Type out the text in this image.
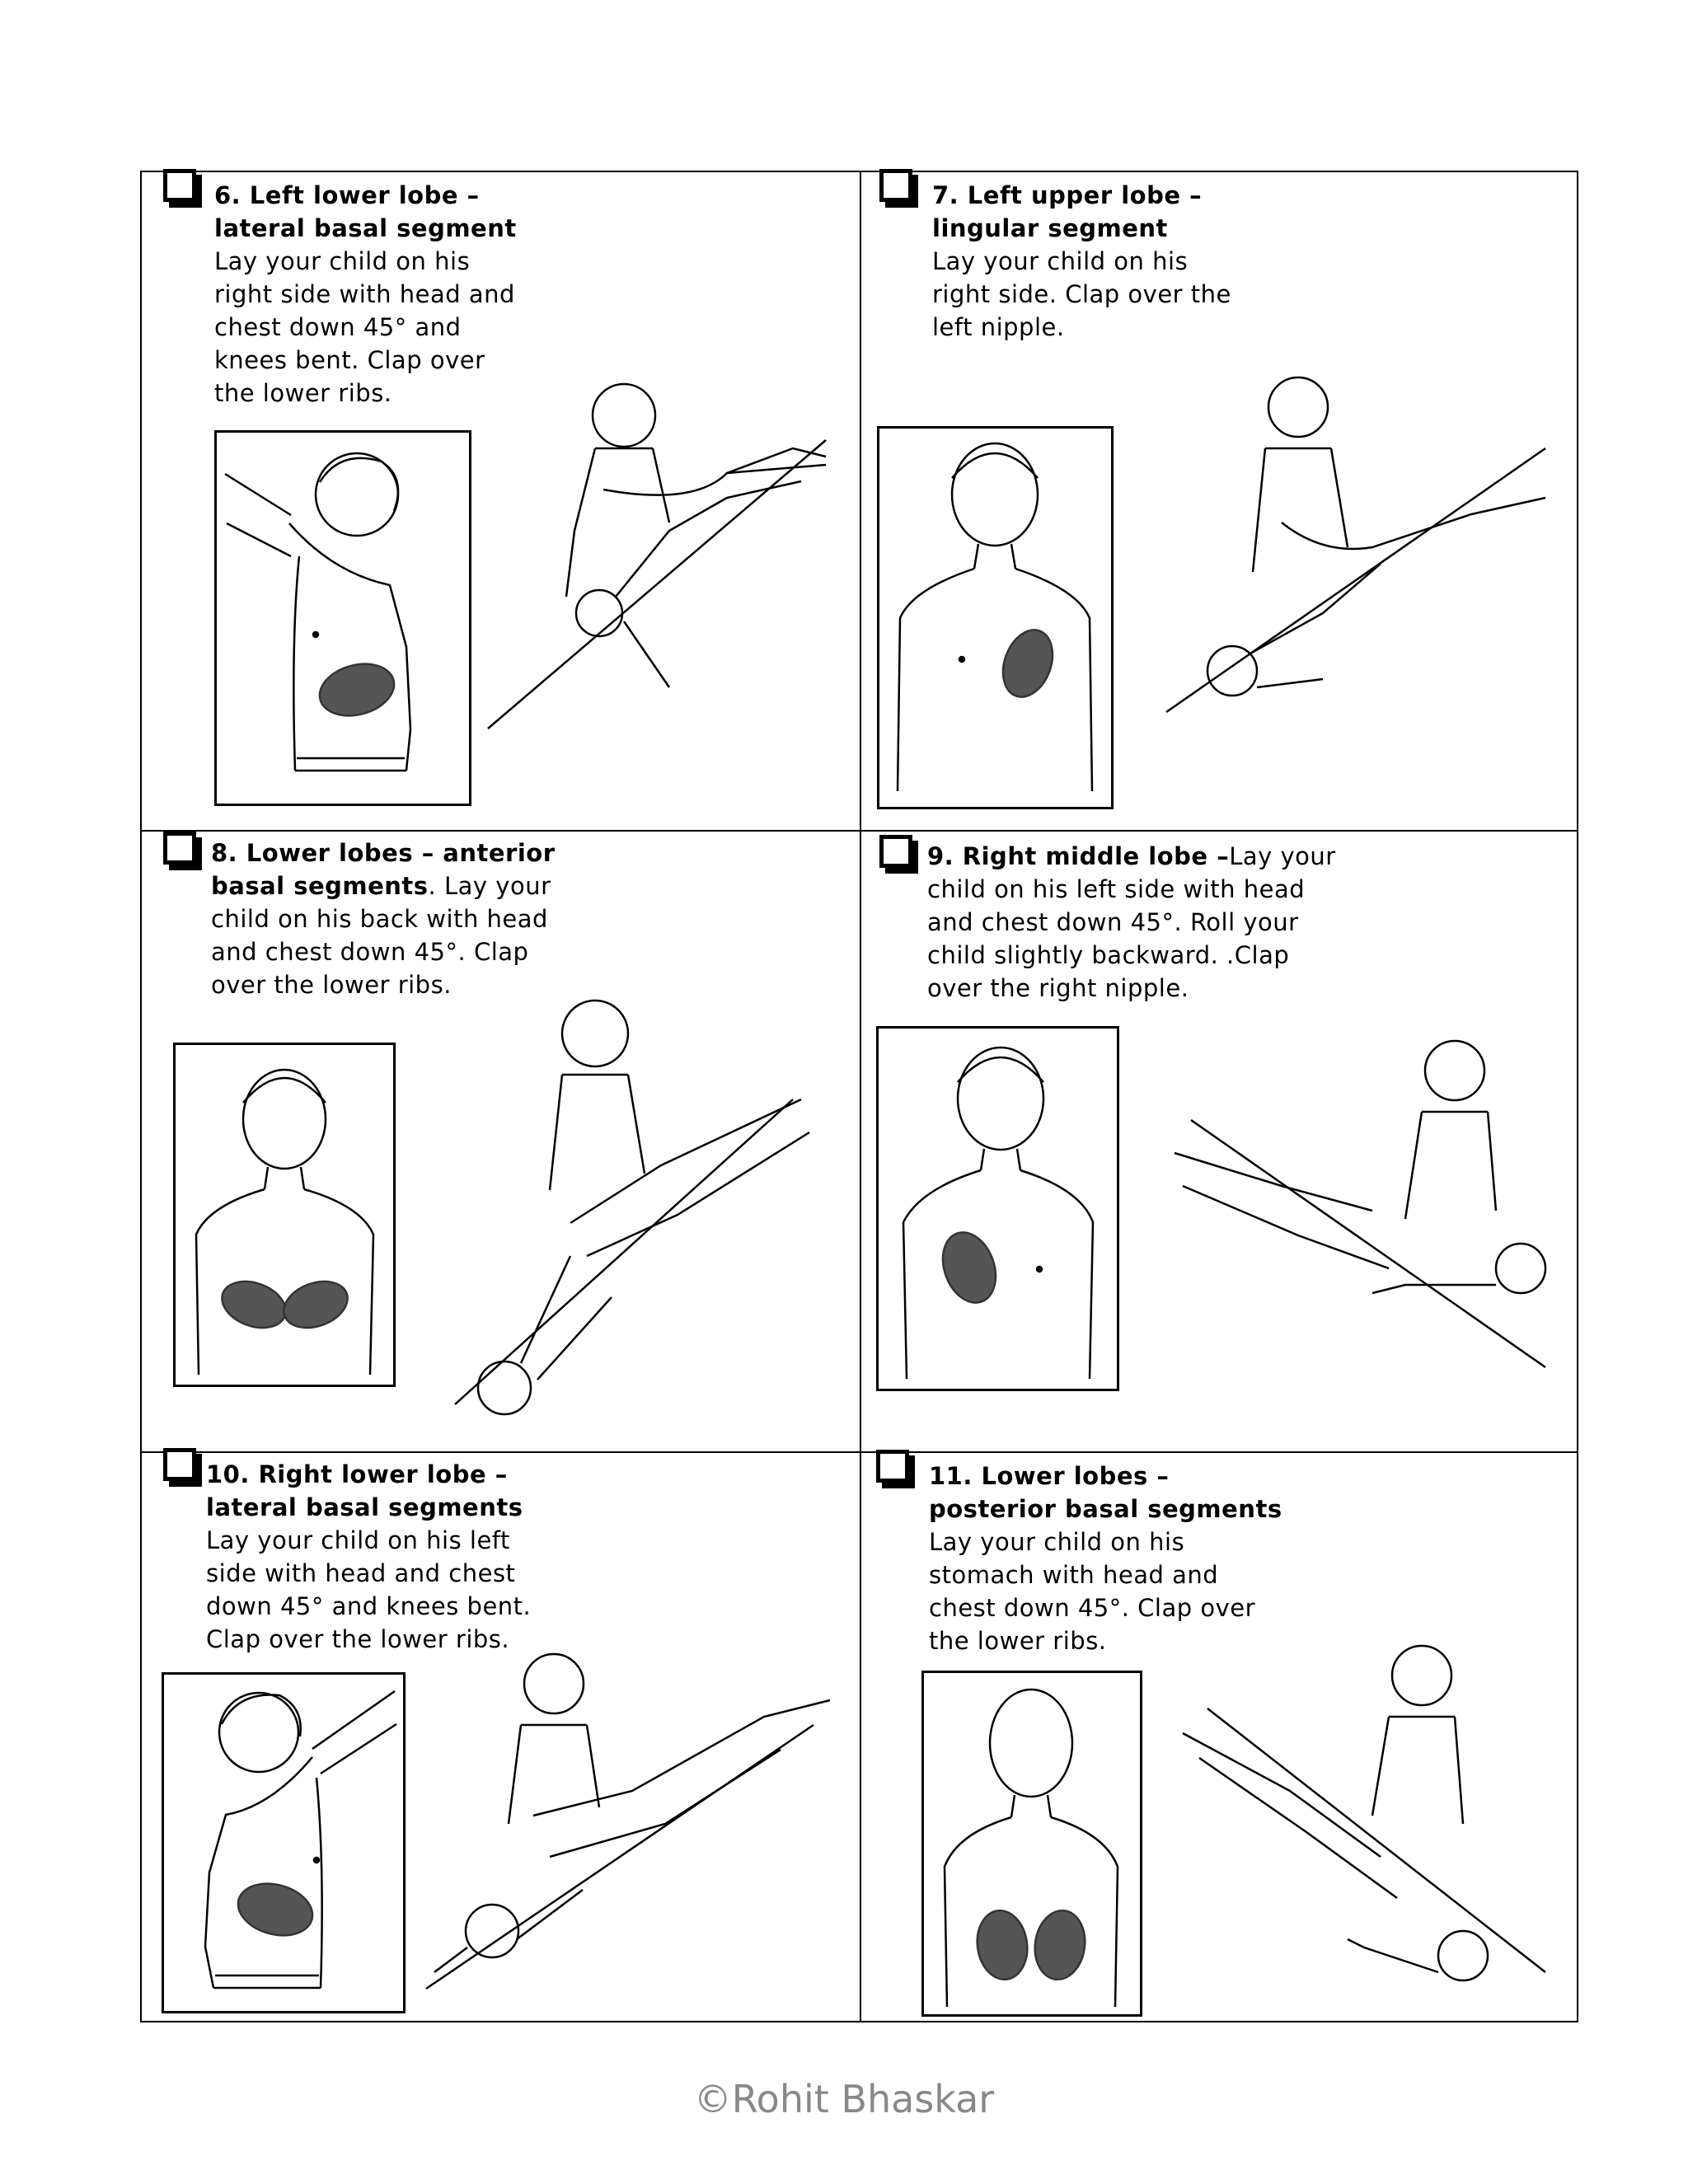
6. Left lower lobe –
lateral basal segment
Lay your child on his
right side with head and
chest down 45° and
knees bent. Clap over
the lower ribs.
7. Left upper lobe –
lingular segment
Lay your child on his
right side. Clap over the
left nipple.
8. Lower lobes – anterior
basal segments. Lay your
child on his back with head
and chest down 45°. Clap
over the lower ribs.
9. Right middle lobe –Lay your
child on his left side with head
and chest down 45°. Roll your
child slightly backward. .Clap
over the right nipple.
10. Right lower lobe –
lateral basal segments
Lay your child on his left
side with head and chest
down 45° and knees bent.
Clap over the lower ribs.
11. Lower lobes –
posterior basal segments
Lay your child on his
stomach with head and
chest down 45°. Clap over
the lower ribs.
©Rohit Bhaskar
